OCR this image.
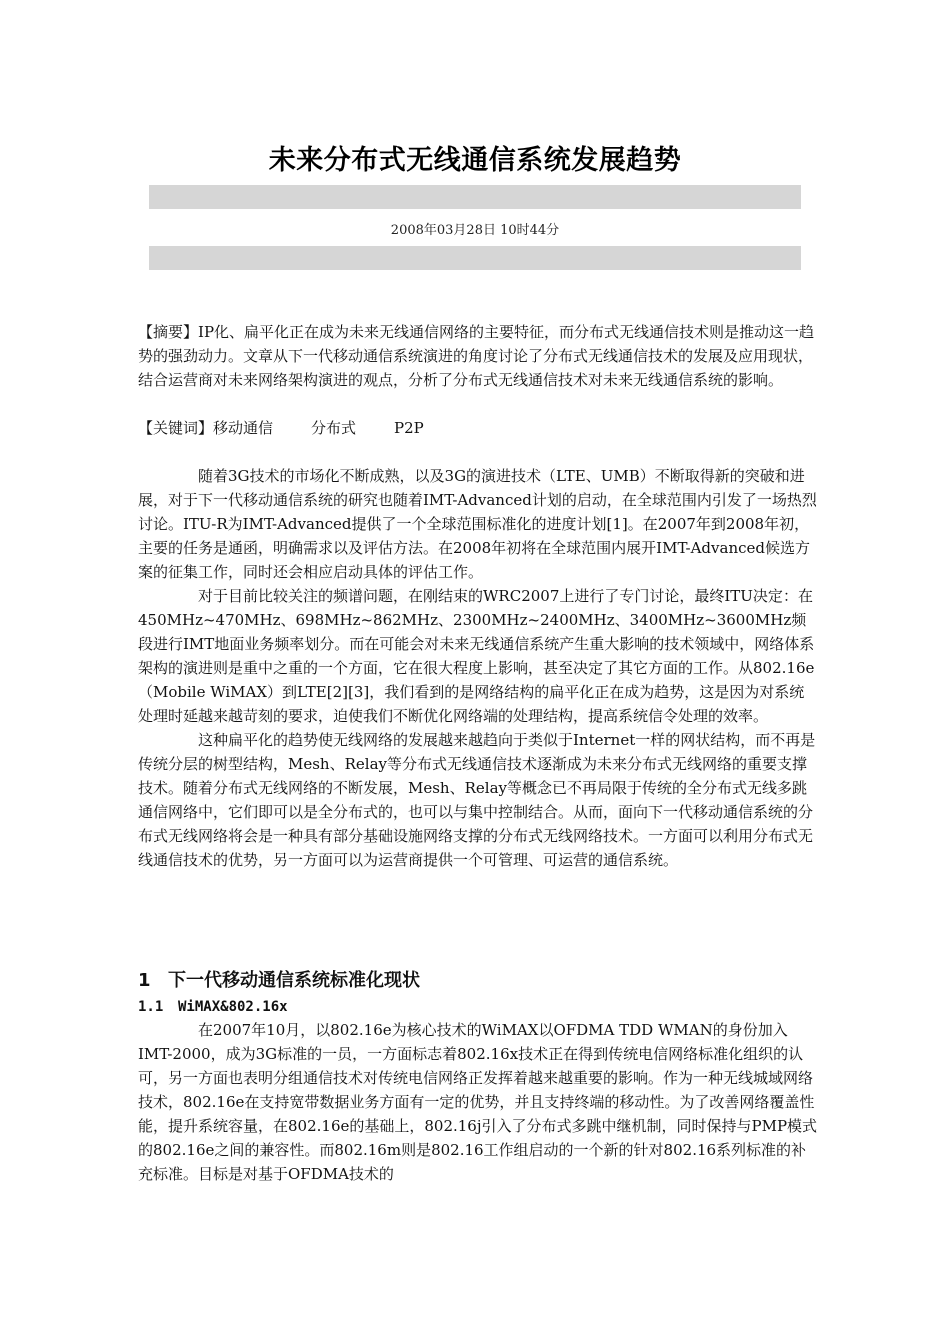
未来分布式无线通信系统发展趋势
2008年03月28日 10时44分

【摘要】IP化、扁平化正在成为未来无线通信网络的主要特征，而分布式无线通信技术则是推动这一趋势的强劲动力。文章从下一代移动通信系统演进的角度讨论了分布式无线通信技术的发展及应用现状，结合运营商对未来网络架构演进的观点，分析了分布式无线通信技术对未来无线通信系统的影响。

【关键词】移动通信	分布式	P2P

随着3G技术的市场化不断成熟，以及3G的演进技术（LTE、UMB）不断取得新的突破和进展，对于下一代移动通信系统的研究也随着IMT-Advanced计划的启动，在全球范围内引发了一场热烈讨论。ITU-R为IMT-Advanced提供了一个全球范围标准化的进度计划[1]。在2007年到2008年初，主要的任务是通函，明确需求以及评估方法。在2008年初将在全球范围内展开IMT-Advanced候选方案的征集工作，同时还会相应启动具体的评估工作。

对于目前比较关注的频谱问题，在刚结束的WRC2007上进行了专门讨论，最终ITU决定：在450MHz~470MHz、698MHz~862MHz、2300MHz~2400MHz、3400MHz~3600MHz频段进行IMT地面业务频率划分。而在可能会对未来无线通信系统产生重大影响的技术领域中，网络体系架构的演进则是重中之重的一个方面，它在很大程度上影响，甚至决定了其它方面的工作。从802.16e（Mobile WiMAX）到LTE[2][3]，我们看到的是网络结构的扁平化正在成为趋势，这是因为对系统处理时延越来越苛刻的要求，迫使我们不断优化网络端的处理结构，提高系统信令处理的效率。

这种扁平化的趋势使无线网络的发展越来越趋向于类似于Internet一样的网状结构，而不再是传统分层的树型结构，Mesh、Relay等分布式无线通信技术逐渐成为未来分布式无线网络的重要支撑技术。随着分布式无线网络的不断发展，Mesh、Relay等概念已不再局限于传统的全分布式无线多跳通信网络中，它们即可以是全分布式的，也可以与集中控制结合。从而，面向下一代移动通信系统的分布式无线网络将会是一种具有部分基础设施网络支撑的分布式无线网络技术。一方面可以利用分布式无线通信技术的优势，另一方面可以为运营商提供一个可管理、可运营的通信系统。

1 下一代移动通信系统标准化现状
1.1 WiMAX&802.16x

在2007年10月，以802.16e为核心技术的WiMAX以OFDMA TDD WMAN的身份加入IMT-2000，成为3G标准的一员，一方面标志着802.16x技术正在得到传统电信网络标准化组织的认可，另一方面也表明分组通信技术对传统电信网络正发挥着越来越重要的影响。作为一种无线城域网络技术，802.16e在支持宽带数据业务方面有一定的优势，并且支持终端的移动性。为了改善网络覆盖性能，提升系统容量，在802.16e的基础上，802.16j引入了分布式多跳中继机制，同时保持与PMP模式的802.16e之间的兼容性。而802.16m则是802.16工作组启动的一个新的针对802.16系列标准的补充标准。目标是对基于OFDMA技术的
